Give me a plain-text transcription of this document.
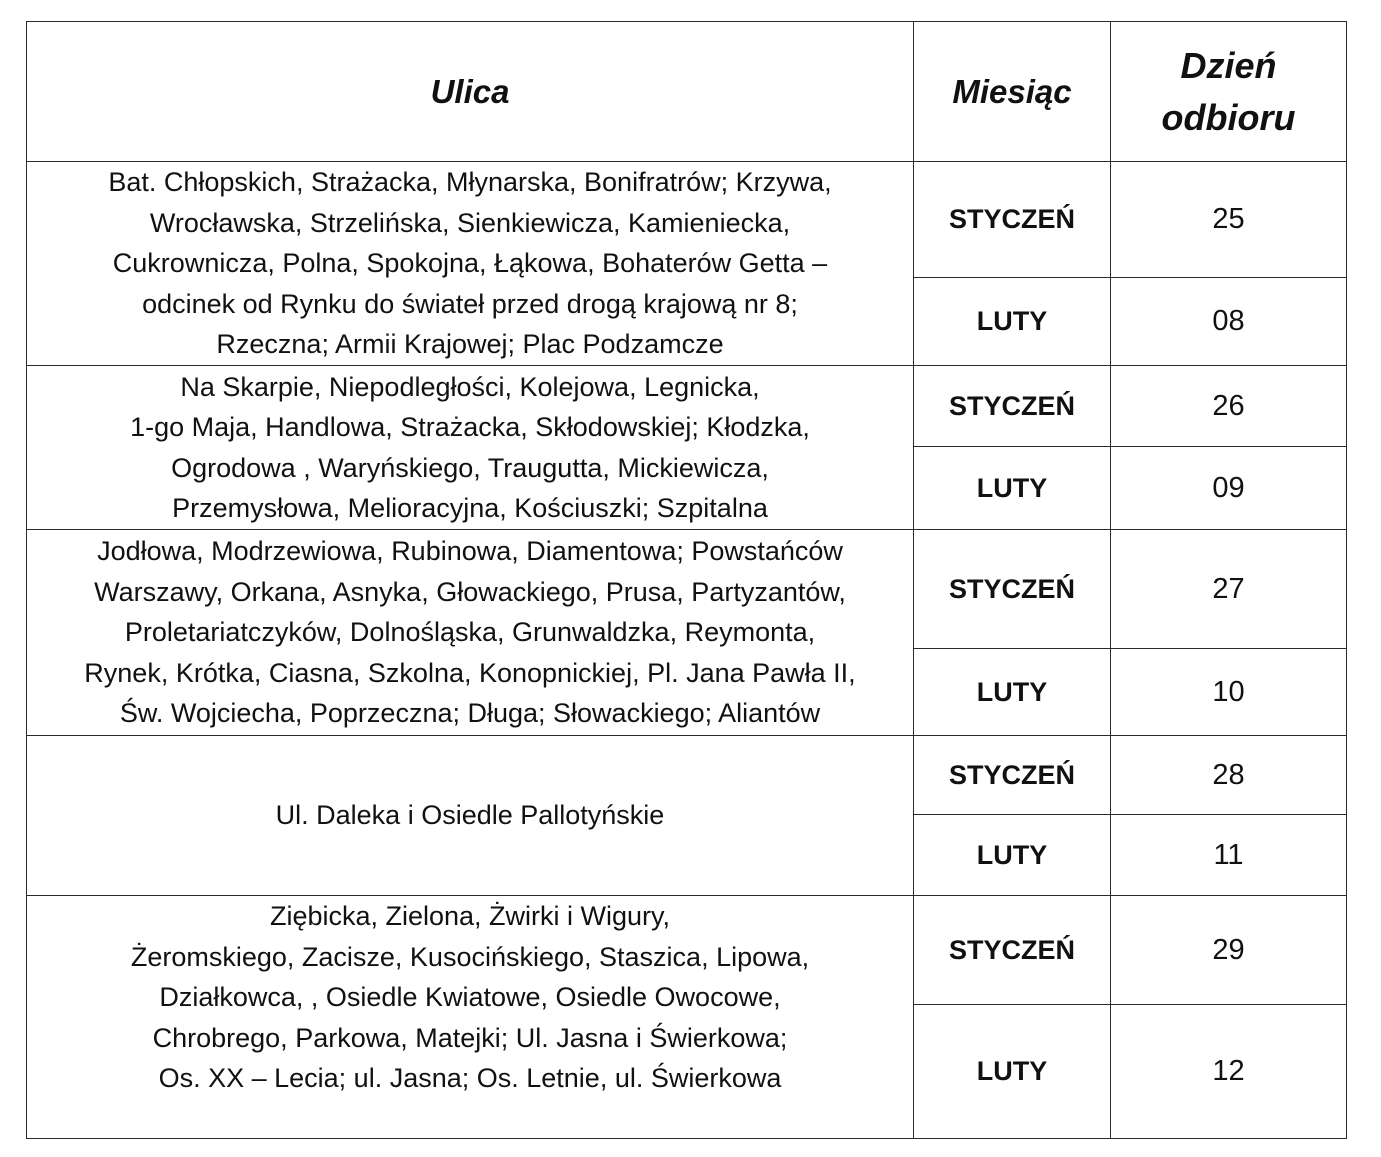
Ulica	Miesiąc	Dzień
odbioru

Bat. Chłopskich, Strażacka, Młynarska, Bonifratrów; Krzywa,
Wrocławska, Strzelińska, Sienkiewicza, Kamieniecka,
Cukrownicza, Polna, Spokojna, Łąkowa, Bohaterów Getta –
odcinek od Rynku do świateł przed drogą krajową nr 8;
Rzeczna; Armii Krajowej; Plac Podzamcze	STYCZEŃ	25
	LUTY	08

Na Skarpie, Niepodległości, Kolejowa, Legnicka,
1-go Maja, Handlowa, Strażacka, Skłodowskiej; Kłodzka,
Ogrodowa , Waryńskiego, Traugutta, Mickiewicza,
Przemysłowa, Melioracyjna, Kościuszki; Szpitalna	STYCZEŃ	26
	LUTY	09

Jodłowa, Modrzewiowa, Rubinowa, Diamentowa; Powstańców
Warszawy, Orkana, Asnyka, Głowackiego, Prusa, Partyzantów,
Proletariatczyków, Dolnośląska, Grunwaldzka, Reymonta,
Rynek, Krótka, Ciasna, Szkolna, Konopnickiej, Pl. Jana Pawła II,
Św. Wojciecha, Poprzeczna; Długa; Słowackiego; Aliantów	STYCZEŃ	27
	LUTY	10

Ul. Daleka i Osiedle Pallotyńskie	STYCZEŃ	28
	LUTY	11

Ziębicka, Zielona, Żwirki i Wigury,
Żeromskiego, Zacisze, Kusocińskiego, Staszica, Lipowa,
Działkowca, , Osiedle Kwiatowe, Osiedle Owocowe,
Chrobrego, Parkowa, Matejki; Ul. Jasna i Świerkowa;
Os. XX – Lecia; ul. Jasna; Os. Letnie, ul. Świerkowa	STYCZEŃ	29
	LUTY	12
